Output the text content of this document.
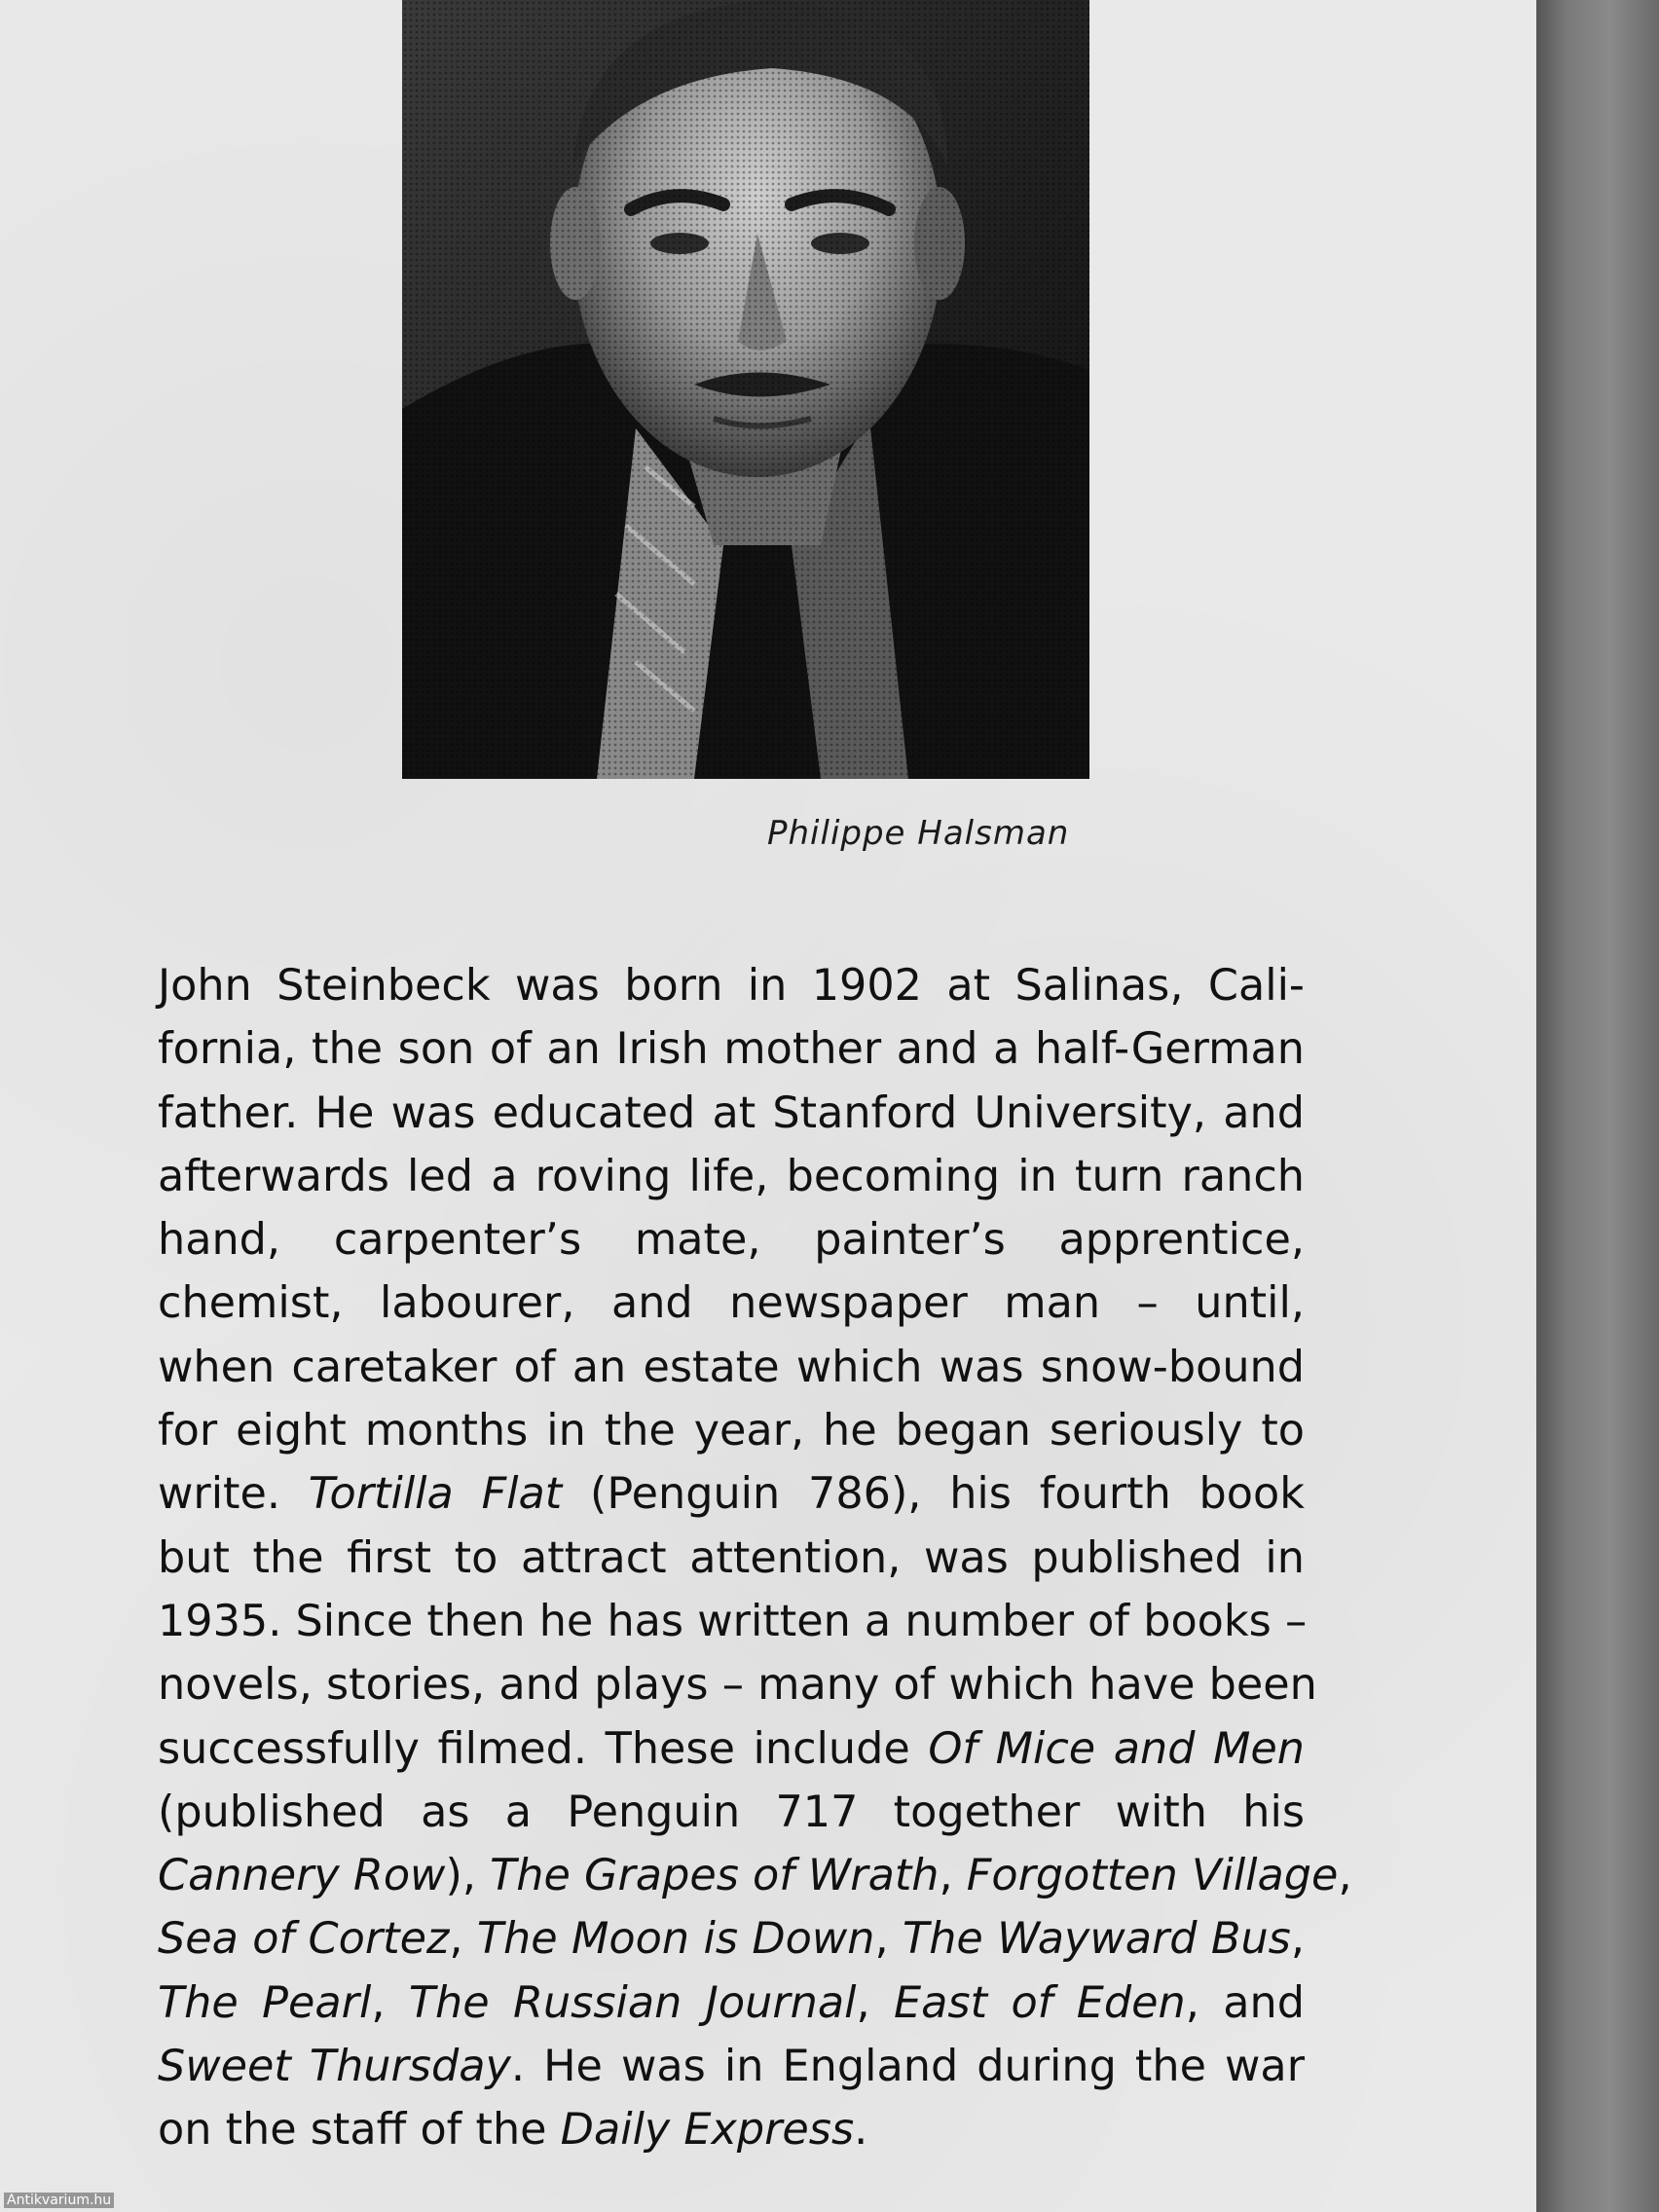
Philippe Halsman
John Steinbeck was born in 1902 at Salinas, Cali-
fornia, the son of an Irish mother and a half-German
father. He was educated at Stanford University, and
afterwards led a roving life, becoming in turn ranch
hand, carpenter’s mate, painter’s apprentice,
chemist, labourer, and newspaper man – until,
when caretaker of an estate which was snow-bound
for eight months in the year, he began seriously to
write. Tortilla Flat (Penguin 786), his fourth book
but the first to attract attention, was published in
1935. Since then he has written a number of books –
novels, stories, and plays – many of which have been
successfully filmed. These include Of Mice and Men
(published as a Penguin 717 together with his
Cannery Row), The Grapes of Wrath, Forgotten Village,
Sea of Cortez, The Moon is Down, The Wayward Bus,
The Pearl, The Russian Journal, East of Eden, and
Sweet Thursday. He was in England during the war
on the staff of the Daily Express.
Antikvarium.hu
